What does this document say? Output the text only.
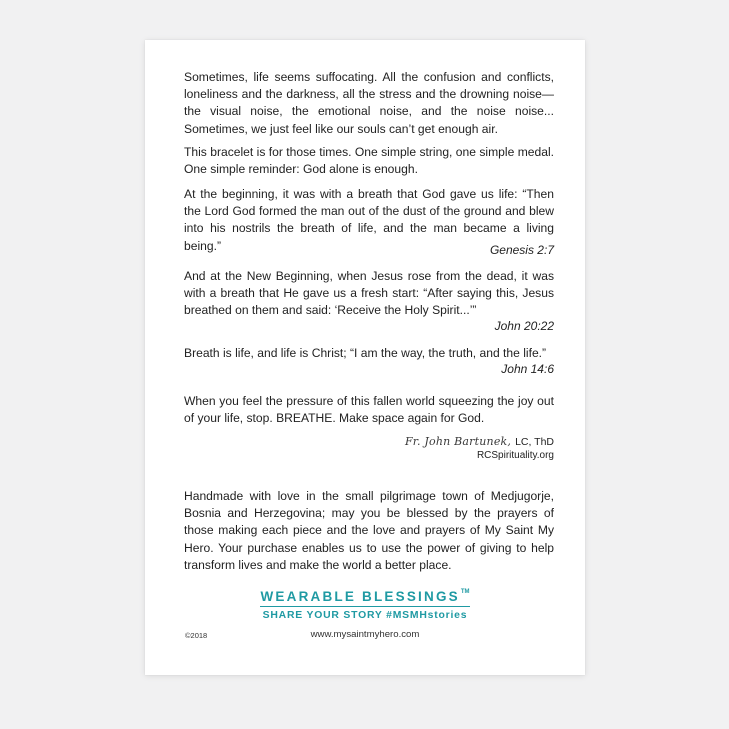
Sometimes, life seems suffocating. All the confusion and conflicts, loneliness and the darkness, all the stress and the drowning noise—the visual noise, the emotional noise, and the noise noise... Sometimes, we just feel like our souls can’t get enough air.

This bracelet is for those times. One simple string, one simple medal. One simple reminder: God alone is enough.

At the beginning, it was with a breath that God gave us life: “Then the Lord God formed the man out of the dust of the ground and blew into his nostrils the breath of life, and the man became a living being.”	Genesis 2:7

And at the New Beginning, when Jesus rose from the dead, it was with a breath that He gave us a fresh start: “After saying this, Jesus breathed on them and said: ‘Receive the Holy Spirit...’”

John 20:22

Breath is life, and life is Christ; “I am the way, the truth, and the life.”

John 14:6

When you feel the pressure of this fallen world squeezing the joy out of your life, stop. BREATHE. Make space again for God.

Fr. John Bartunek, LC, ThD
RCSpirituality.org

Handmade with love in the small pilgrimage town of Medjugorje, Bosnia and Herzegovina; may you be blessed by the prayers of those making each piece and the love and prayers of My Saint My Hero. Your purchase enables us to use the power of giving to help transform lives and make the world a better place.

WEARABLE BLESSINGS™
SHARE YOUR STORY #MSMHstories
©2018	www.mysaintmyhero.com
